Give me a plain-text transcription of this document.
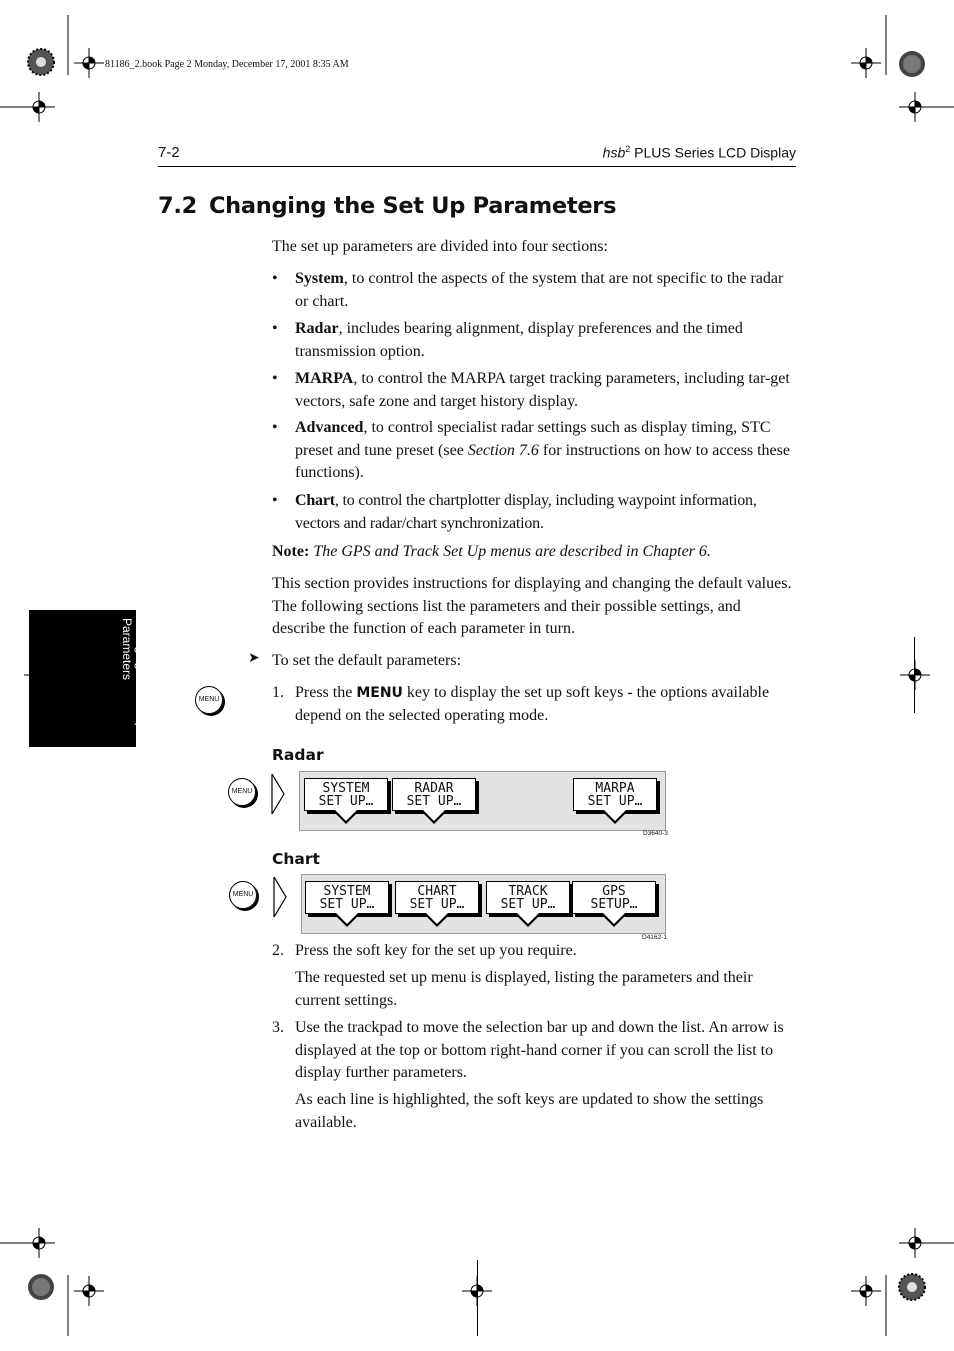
81186_2.book Page 2 Monday, December 17, 2001 8:35 AM
7-2	hsb$^2$ PLUS Series LCD Display
7.2 Changing the Set Up Parameters
Changing the Set Up Parameters
The set up parameters are divided into four sections:
• System, to control the aspects of the system that are not specific to the radar or chart.
• Radar, includes bearing alignment, display preferences and the timed transmission option.
• MARPA, to control the MARPA target tracking parameters, including tar-get vectors, safe zone and target history display.
• Advanced, to control specialist radar settings such as display timing, STC preset and tune preset (see Section 7.6 for instructions on how to access these functions).
• Chart, to control the chartplotter display, including waypoint information, vectors and radar/chart synchronization.
Note: The GPS and Track Set Up menus are described in Chapter 6.
This section provides instructions for displaying and changing the default values. The following sections list the parameters and their possible settings, and describe the function of each parameter in turn.
➤ To set the default parameters:
MENU	1. Press the MENU key to display the set up soft keys - the options available depend on the selected operating mode.
Radar
MENU	SYSTEM
SET UP…
RADAR
SET UP…
MARPA
SET UP…
D3640-3
Chart
MENU	SYSTEM
SET UP…
CHART
SET UP…
TRACK
SET UP…
GPS
SETUP…
D4162-1
2. Press the soft key for the set up you require.
The requested set up menu is displayed, listing the parameters and their current settings.
3. Use the trackpad to move the selection bar up and down the list. An arrow is displayed at the top or bottom right-hand corner if you can scroll the list to display further parameters.
As each line is highlighted, the soft keys are updated to show the settings available.
